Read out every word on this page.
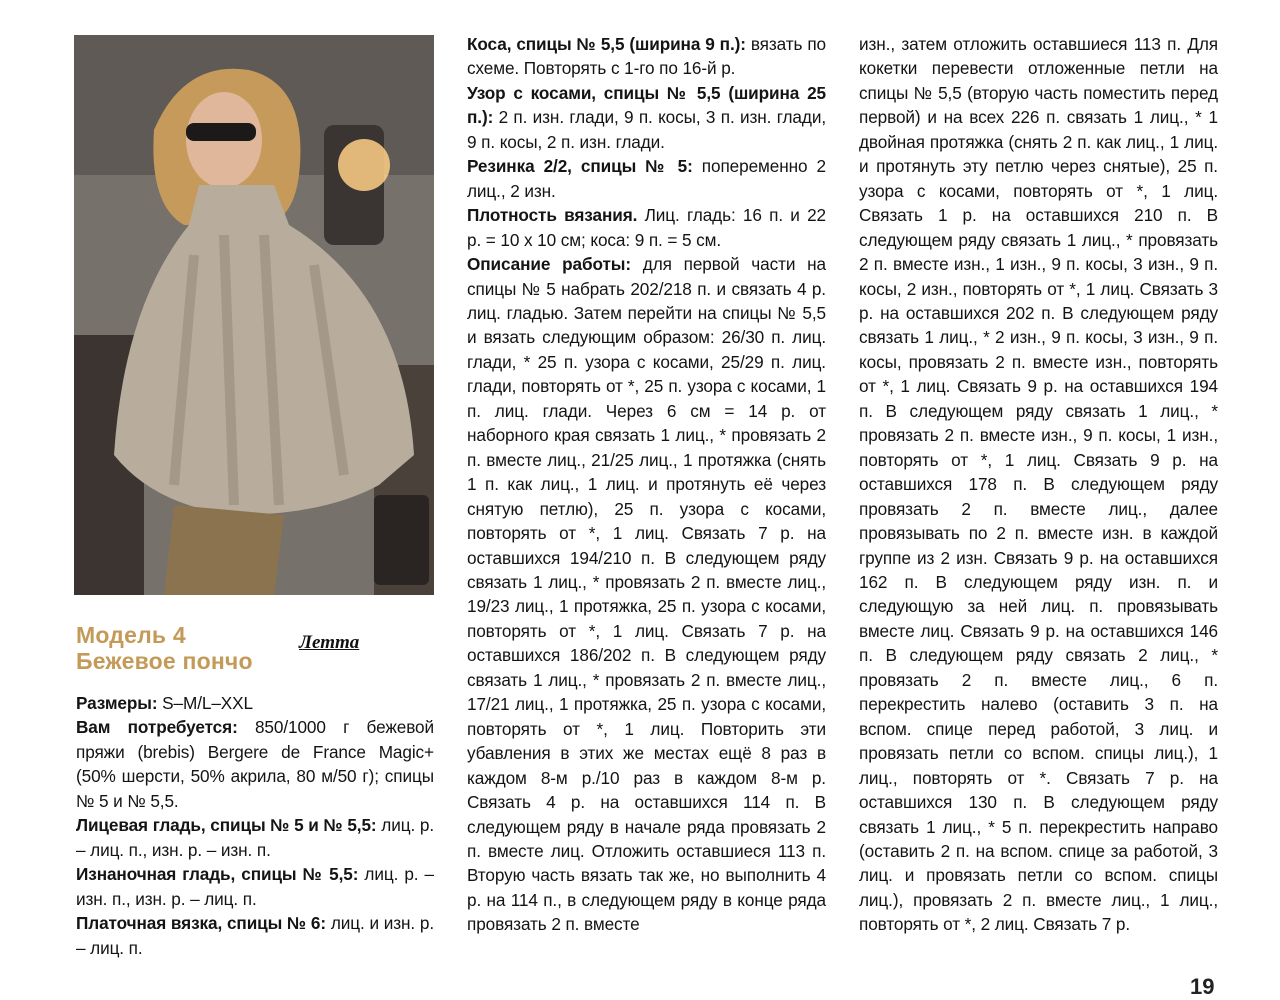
Модель 4
Бежевое пончо
Летта

Размеры: S–M/L–XXL

Вам потребуется: 850/1000 г бежевой пряжи (brebis) Bergere de France Magic+ (50% шерсти, 50% акрила, 80 м/50 г); спицы № 5 и № 5,5.

Лицевая гладь, спицы № 5 и № 5,5: лиц. р. – лиц. п., изн. р. – изн. п.

Изнаночная гладь, спицы № 5,5: лиц. р. – изн. п., изн. р. – лиц. п.

Платочная вязка, спицы № 6: лиц. и изн. р. – лиц. п.

Коса, спицы № 5,5 (ширина 9 п.): вязать по схеме. Повторять с 1-го по 16-й р.

Узор с косами, спицы № 5,5 (ширина 25 п.): 2 п. изн. глади, 9 п. косы, 3 п. изн. глади, 9 п. косы, 2 п. изн. глади.

Резинка 2/2, спицы № 5: попеременно 2 лиц., 2 изн.

Плотность вязания. Лиц. гладь: 16 п. и 22 р. = 10 х 10 см; коса: 9 п. = 5 см.

Описание работы: для первой части на спицы № 5 набрать 202/218 п. и связать 4 р. лиц. гладью. Затем перейти на спицы № 5,5 и вязать следующим образом: 26/30 п. лиц. глади, * 25 п. узора с косами, 25/29 п. лиц. глади, повторять от *, 25 п. узора с косами, 1 п. лиц. глади. Через 6 см = 14 р. от наборного края связать 1 лиц., * провязать 2 п. вместе лиц., 21/25 лиц., 1 протяжка (снять 1 п. как лиц., 1 лиц. и протянуть её через снятую петлю), 25 п. узора с косами, повторять от *, 1 лиц. Связать 7 р. на оставшихся 194/210 п. В следующем ряду связать 1 лиц., * провязать 2 п. вместе лиц., 19/23 лиц., 1 протяжка, 25 п. узора с косами, повторять от *, 1 лиц. Связать 7 р. на оставшихся 186/202 п. В следующем ряду связать 1 лиц., * провязать 2 п. вместе лиц., 17/21 лиц., 1 протяжка, 25 п. узора с косами, повторять от *, 1 лиц. Повторить эти убавления в этих же местах ещё 8 раз в каждом 8-м р./10 раз в каждом 8-м р. Связать 4 р. на оставшихся 114 п. В следующем ряду в начале ряда провязать 2 п. вместе лиц. Отложить оставшиеся 113 п. Вторую часть вязать так же, но выполнить 4 р. на 114 п., в следующем ряду в конце ряда провязать 2 п. вместе

изн., затем отложить оставшиеся 113 п. Для кокетки перевести отложенные петли на спицы № 5,5 (вторую часть поместить перед первой) и на всех 226 п. связать 1 лиц., * 1 двойная протяжка (снять 2 п. как лиц., 1 лиц. и протянуть эту петлю через снятые), 25 п. узора с косами, повторять от *, 1 лиц. Связать 1 р. на оставшихся 210 п. В следующем ряду связать 1 лиц., * провязать 2 п. вместе изн., 1 изн., 9 п. косы, 3 изн., 9 п. косы, 2 изн., повторять от *, 1 лиц. Связать 3 р. на оставшихся 202 п. В следующем ряду связать 1 лиц., * 2 изн., 9 п. косы, 3 изн., 9 п. косы, провязать 2 п. вместе изн., повторять от *, 1 лиц. Связать 9 р. на оставшихся 194 п. В следующем ряду связать 1 лиц., * провязать 2 п. вместе изн., 9 п. косы, 1 изн., повторять от *, 1 лиц. Связать 9 р. на оставшихся 178 п. В следующем ряду провязать 2 п. вместе лиц., далее провязывать по 2 п. вместе изн. в каждой группе из 2 изн. Связать 9 р. на оставшихся 162 п. В следующем ряду изн. п. и следующую за ней лиц. п. провязывать вместе лиц. Связать 9 р. на оставшихся 146 п. В следующем ряду связать 2 лиц., * провязать 2 п. вместе лиц., 6 п. перекрестить налево (оставить 3 п. на вспом. спице перед работой, 3 лиц. и провязать петли со вспом. спицы лиц.), 1 лиц., повторять от *. Связать 7 р. на оставшихся 130 п. В следующем ряду связать 1 лиц., * 5 п. перекрестить направо (оставить 2 п. на вспом. спице за работой, 3 лиц. и провязать петли со вспом. спицы лиц.), провязать 2 п. вместе лиц., 1 лиц., повторять от *, 2 лиц. Связать 7 р.

19
